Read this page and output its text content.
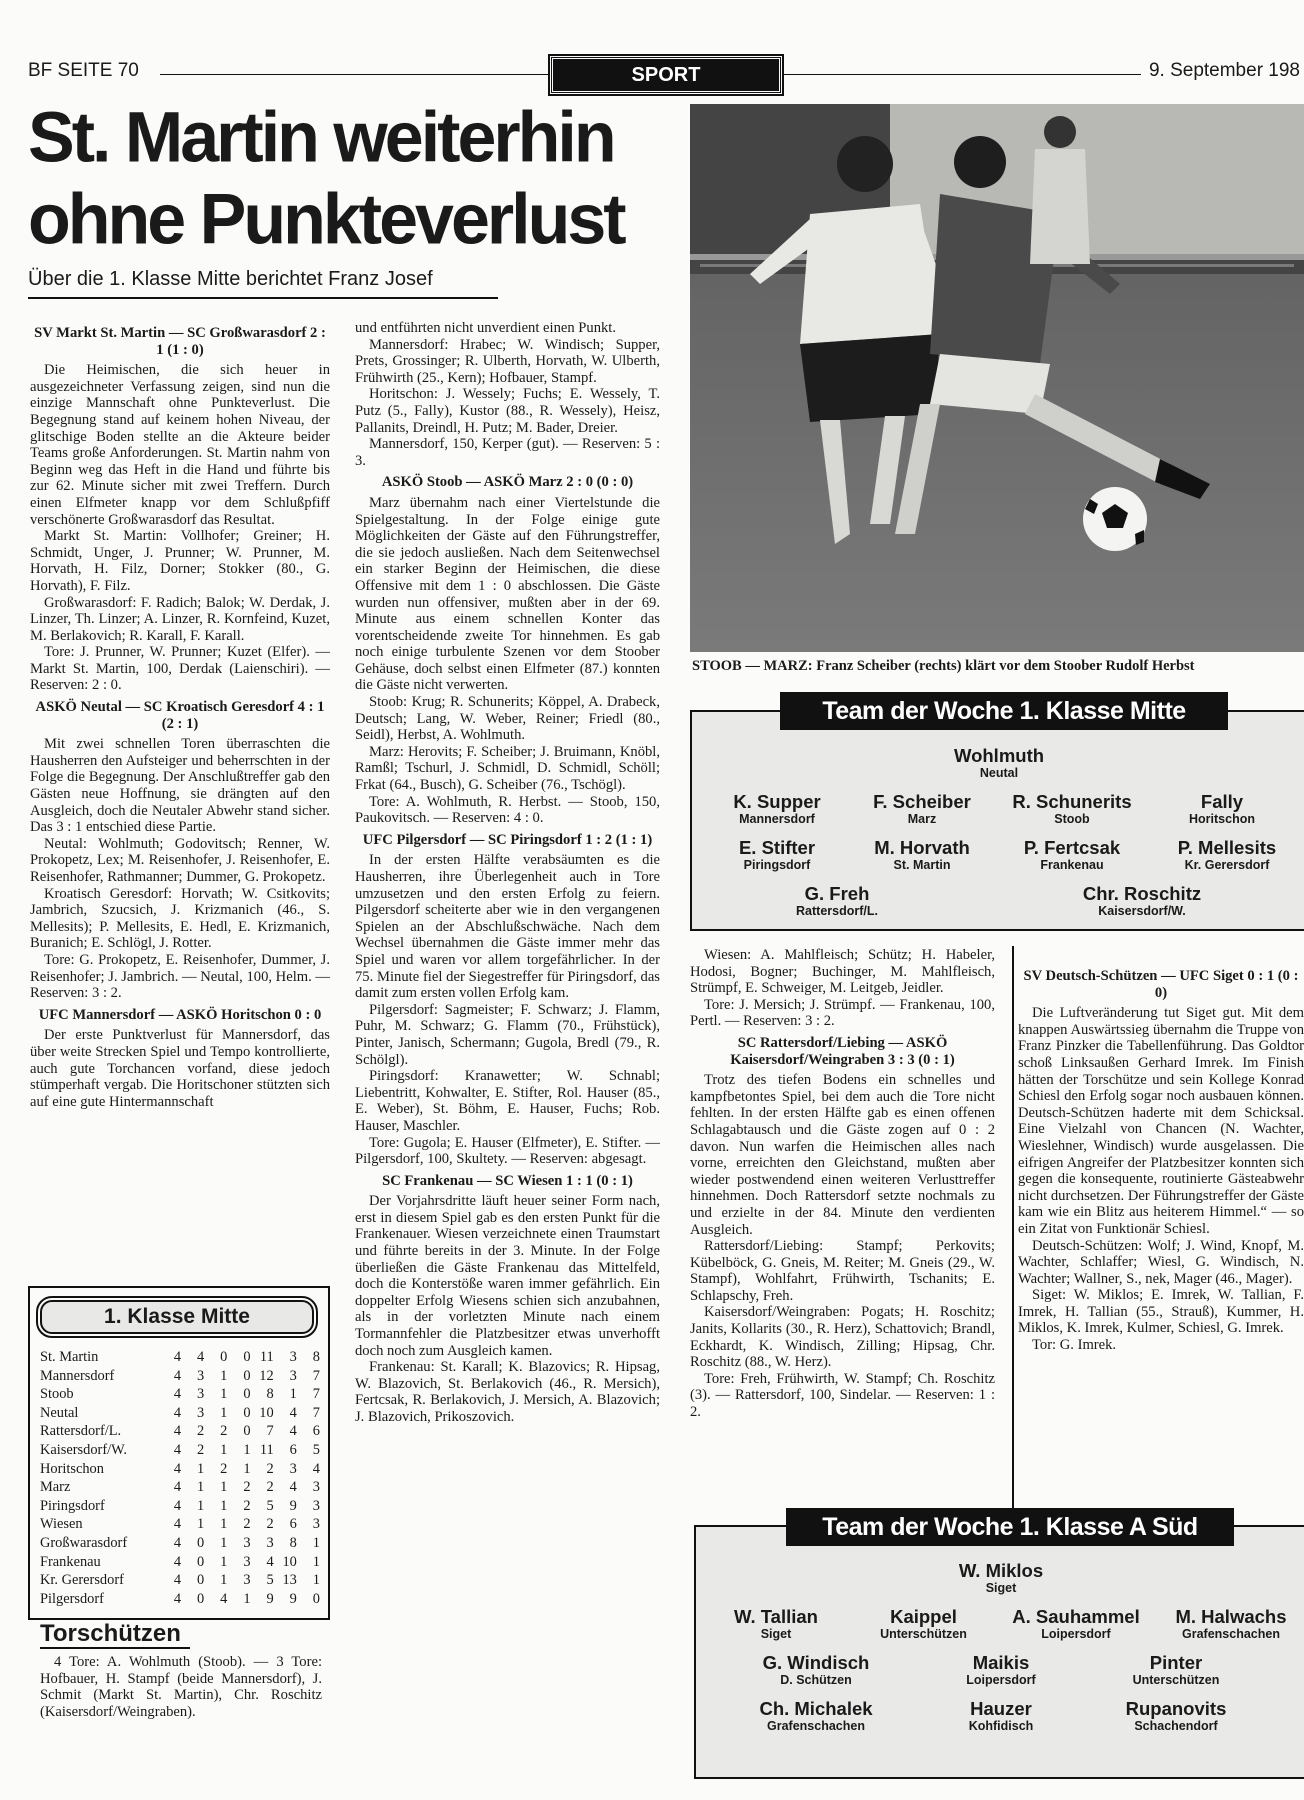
BF SEITE 70	SPORT	9. September 198
St. Martin weiterhin ohne Punkteverlust
Über die 1. Klasse Mitte berichtet Franz Josef
SV Markt St. Martin — SC Großwarasdorf 2 : 1 (1 : 0)

Die Heimischen, die sich heuer in ausgezeichneter Verfassung zeigen, sind nun die einzige Mannschaft ohne Punkteverlust. Die Begegnung stand auf keinem hohen Niveau, der glitschige Boden stellte an die Akteure beider Teams große Anforderungen. St. Martin nahm von Beginn weg das Heft in die Hand und führte bis zur 62. Minute sicher mit zwei Treffern. Durch einen Elfmeter knapp vor dem Schlußpfiff verschönerte Großwarasdorf das Resultat.

Markt St. Martin: Vollhofer; Greiner; H. Schmidt, Unger, J. Prunner; W. Prunner, M. Horvath, H. Filz, Dorner; Stokker (80., G. Horvath), F. Filz.

Großwarasdorf: F. Radich; Balok; W. Derdak, J. Linzer, Th. Linzer; A. Linzer, R. Kornfeind, Kuzet, M. Berlakovich; R. Karall, F. Karall.

Tore: J. Prunner, W. Prunner; Kuzet (Elfer). — Markt St. Martin, 100, Derdak (Laienschiri). — Reserven: 2 : 0.

ASKÖ Neutal — SC Kroatisch Geresdorf 4 : 1 (2 : 1)

Mit zwei schnellen Toren überraschten die Hausherren den Aufsteiger und beherrschten in der Folge die Begegnung. Der Anschlußtreffer gab den Gästen neue Hoffnung, sie drängten auf den Ausgleich, doch die Neutaler Abwehr stand sicher. Das 3 : 1 entschied diese Partie.

Neutal: Wohlmuth; Godovitsch; Renner, W. Prokopetz, Lex; M. Reisenhofer, J. Reisenhofer, E. Reisenhofer, Rathmanner; Dummer, G. Prokopetz.

Kroatisch Geresdorf: Horvath; W. Csitkovits; Jambrich, Szucsich, J. Krizmanich (46., S. Mellesits); P. Mellesits, E. Hedl, E. Krizmanich, Buranich; E. Schlögl, J. Rotter.

Tore: G. Prokopetz, E. Reisenhofer, Dummer, J. Reisenhofer; J. Jambrich. — Neutal, 100, Helm. — Reserven: 3 : 2.

UFC Mannersdorf — ASKÖ Horitschon 0 : 0

Der erste Punktverlust für Mannersdorf, das über weite Strecken Spiel und Tempo kontrollierte, auch gute Torchancen vorfand, diese jedoch stümperhaft vergab. Die Horitschoner stützten sich auf eine gute Hintermannschaft

und entführten nicht unverdient einen Punkt.

Mannersdorf: Hrabec; W. Windisch; Supper, Prets, Grossinger; R. Ulberth, Horvath, W. Ulberth, Frühwirth (25., Kern); Hofbauer, Stampf.

Horitschon: J. Wessely; Fuchs; E. Wessely, T. Putz (5., Fally), Kustor (88., R. Wessely), Heisz, Pallanits, Dreindl, H. Putz; M. Bader, Dreier.

Mannersdorf, 150, Kerper (gut). — Reserven: 5 : 3.

ASKÖ Stoob — ASKÖ Marz 2 : 0 (0 : 0)

Marz übernahm nach einer Viertelstunde die Spielgestaltung. In der Folge einige gute Möglichkeiten der Gäste auf den Führungstreffer, die sie jedoch ausließen. Nach dem Seitenwechsel ein starker Beginn der Heimischen, die diese Offensive mit dem 1 : 0 abschlossen. Die Gäste wurden nun offensiver, mußten aber in der 69. Minute aus einem schnellen Konter das vorentscheidende zweite Tor hinnehmen. Es gab noch einige turbulente Szenen vor dem Stoober Gehäuse, doch selbst einen Elfmeter (87.) konnten die Gäste nicht verwerten.

Stoob: Krug; R. Schunerits; Köppel, A. Drabeck, Deutsch; Lang, W. Weber, Reiner; Friedl (80., Seidl), Herbst, A. Wohlmuth.

Marz: Herovits; F. Scheiber; J. Bruimann, Knöbl, Ramßl; Tschurl, J. Schmidl, D. Schmidl, Schöll; Frkat (64., Busch), G. Scheiber (76., Tschögl).

Tore: A. Wohlmuth, R. Herbst. — Stoob, 150, Paukovitsch. — Reserven: 4 : 0.

UFC Pilgersdorf — SC Piringsdorf 1 : 2 (1 : 1)

In der ersten Hälfte verabsäumten es die Hausherren, ihre Überlegenheit auch in Tore umzusetzen und den ersten Erfolg zu feiern. Pilgersdorf scheiterte aber wie in den vergangenen Spielen an der Abschlußschwäche. Nach dem Wechsel übernahmen die Gäste immer mehr das Spiel und waren vor allem torgefährlicher. In der 75. Minute fiel der Siegestreffer für Piringsdorf, das damit zum ersten vollen Erfolg kam.

Pilgersdorf: Sagmeister; F. Schwarz; J. Flamm, Puhr, M. Schwarz; G. Flamm (70., Frühstück), Pinter, Janisch, Schermann; Gugola, Bredl (79., R. Schölgl).

Piringsdorf: Kranawetter; W. Schnabl; Liebentritt, Kohwalter, E. Stifter, Rol. Hauser (85., E. Weber), St. Böhm, E. Hauser, Fuchs; Rob. Hauser, Maschler.

Tore: Gugola; E. Hauser (Elfmeter), E. Stifter. — Pilgersdorf, 100, Skultety. — Reserven: abgesagt.

SC Frankenau — SC Wiesen 1 : 1 (0 : 1)

Der Vorjahrsdritte läuft heuer seiner Form nach, erst in diesem Spiel gab es den ersten Punkt für die Frankenauer. Wiesen verzeichnete einen Traumstart und führte bereits in der 3. Minute. In der Folge überließen die Gäste Frankenau das Mittelfeld, doch die Konterstöße waren immer gefährlich. Ein doppelter Erfolg Wiesens schien sich anzubahnen, als in der vorletzten Minute nach einem Tormannfehler die Platzbesitzer etwas unverhofft doch noch zum Ausgleich kamen.

Frankenau: St. Karall; K. Blazovics; R. Hipsag, W. Blazovich, St. Berlakovich (46., R. Mersich), Fertcsak, R. Berlakovich, J. Mersich, A. Blazovich; J. Blazovich, Prikoszovich.

STOOB — MARZ: Franz Scheiber (rechts) klärt vor dem Stoober Rudolf Herbst
Wohlmuth
Neutal
K. Supper
Mannersdorf
F. Scheiber
Marz
R. Schunerits
Stoob
Fally
Horitschon
E. Stifter
Piringsdorf
M. Horvath
St. Martin
P. Fertcsak
Frankenau
P. Mellesits
Kr. Gerersdorf
G. Freh
Rattersdorf/L.
Chr. Roschitz
Kaisersdorf/W.
Team der Woche 1. Klasse Mitte

Wiesen: A. Mahlfleisch; Schütz; H. Habeler, Hodosi, Bogner; Buchinger, M. Mahlfleisch, Strümpf, E. Schweiger, M. Leitgeb, Jeidler.

Tore: J. Mersich; J. Strümpf. — Frankenau, 100, Pertl. — Reserven: 3 : 2.

SC Rattersdorf/Liebing — ASKÖ Kaisersdorf/Weingraben 3 : 3 (0 : 1)

Trotz des tiefen Bodens ein schnelles und kampfbetontes Spiel, bei dem auch die Tore nicht fehlten. In der ersten Hälfte gab es einen offenen Schlagabtausch und die Gäste zogen auf 0 : 2 davon. Nun warfen die Heimischen alles nach vorne, erreichten den Gleichstand, mußten aber wieder postwendend einen weiteren Verlusttreffer hinnehmen. Doch Rattersdorf setzte nochmals zu und erzielte in der 84. Minute den verdienten Ausgleich.

Rattersdorf/Liebing: Stampf; Perkovits; Kübelböck, G. Gneis, M. Reiter; M. Gneis (29., W. Stampf), Wohlfahrt, Frühwirth, Tschanits; E. Schlapschy, Freh.

Kaisersdorf/Weingraben: Pogats; H. Roschitz; Janits, Kollarits (30., R. Herz), Schattovich; Brandl, Eckhardt, K. Windisch, Zilling; Hipsag, Chr. Roschitz (88., W. Herz).

Tore: Freh, Frühwirth, W. Stampf; Ch. Roschitz (3). — Rattersdorf, 100, Sindelar. — Reserven: 1 : 2.

SV Deutsch-Schützen — UFC Siget 0 : 1 (0 : 0)

Die Luftveränderung tut Siget gut. Mit dem knappen Auswärtssieg übernahm die Truppe von Franz Pinzker die Tabellenführung. Das Goldtor schoß Linksaußen Gerhard Imrek. Im Finish hätten der Torschütze und sein Kollege Konrad Schiesl den Erfolg sogar noch ausbauen können. Deutsch-Schützen haderte mit dem Schicksal. Eine Vielzahl von Chancen (N. Wachter, Wieslehner, Windisch) wurde ausgelassen. Die eifrigen Angreifer der Platzbesitzer konnten sich gegen die konsequente, routinierte Gästeabwehr nicht durchsetzen. Der Führungstreffer der Gäste kam wie ein Blitz aus heiterem Himmel.“ — so ein Zitat von Funktionär Schiesl.

Deutsch-Schützen: Wolf; J. Wind, Knopf, M. Wachter, Schlaffer; Wiesl, G. Windisch, N. Wachter; Wallner, S., nek, Mager (46., Mager).

Siget: W. Miklos; E. Imrek, W. Tallian, F. Imrek, H. Tallian (55., Strauß), Kummer, H. Miklos, K. Imrek, Kulmer, Schiesl, G. Imrek.

Tor: G. Imrek.

W. Miklos
Siget
W. Tallian
Siget
Kaippel
Unterschützen
A. Sauhammel
Loipersdorf
M. Halwachs
Grafenschachen
G. Windisch
D. Schützen
Maikis
Loipersdorf
Pinter
Unterschützen
Ch. Michalek
Grafenschachen
Hauzer
Kohfidisch
Rupanovits
Schachendorf
Team der Woche 1. Klasse A Süd
1. Klasse Mitte
St. Martin	4	4	0	0	11	3	8
Mannersdorf	4	3	1	0	12	3	7
Stoob	4	3	1	0	8	1	7
Neutal	4	3	1	0	10	4	7
Rattersdorf/L.	4	2	2	0	7	4	6
Kaisersdorf/W.	4	2	1	1	11	6	5
Horitschon	4	1	2	1	2	3	4
Marz	4	1	1	2	2	4	3
Piringsdorf	4	1	1	2	5	9	3
Wiesen	4	1	1	2	2	6	3
Großwarasdorf	4	0	1	3	3	8	1
Frankenau	4	0	1	3	4	10	1
Kr. Gerersdorf	4	0	1	3	5	13	1
Pilgersdorf	4	0	4	1	9	9	0
Torschützen

4 Tore: A. Wohlmuth (Stoob). — 3 Tore: Hofbauer, H. Stampf (beide Mannersdorf), J. Schmit (Markt St. Martin), Chr. Roschitz (Kaisersdorf/Weingraben).
